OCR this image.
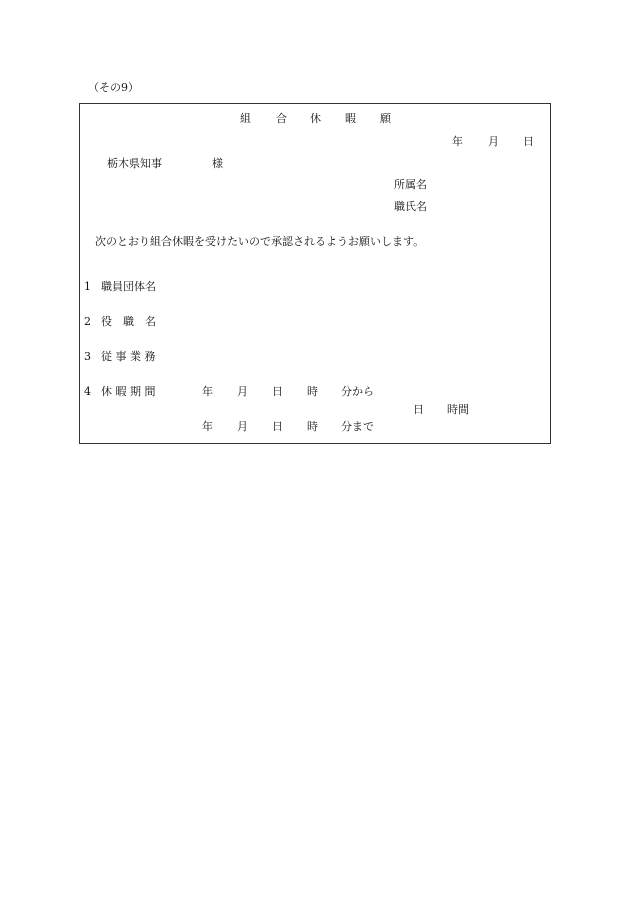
（その9）
組 合 休 暇 願
年 月 日
栃木県知事	様
所属名
職氏名
次のとおり組合休暇を受けたいので承認されるようお願いします。
1 職員団体名
2 役　職　名
3 従 事 業 務
4 休 暇 期 間	年 月 日 時 分から
日 時間
年 月 日 時 分まで
